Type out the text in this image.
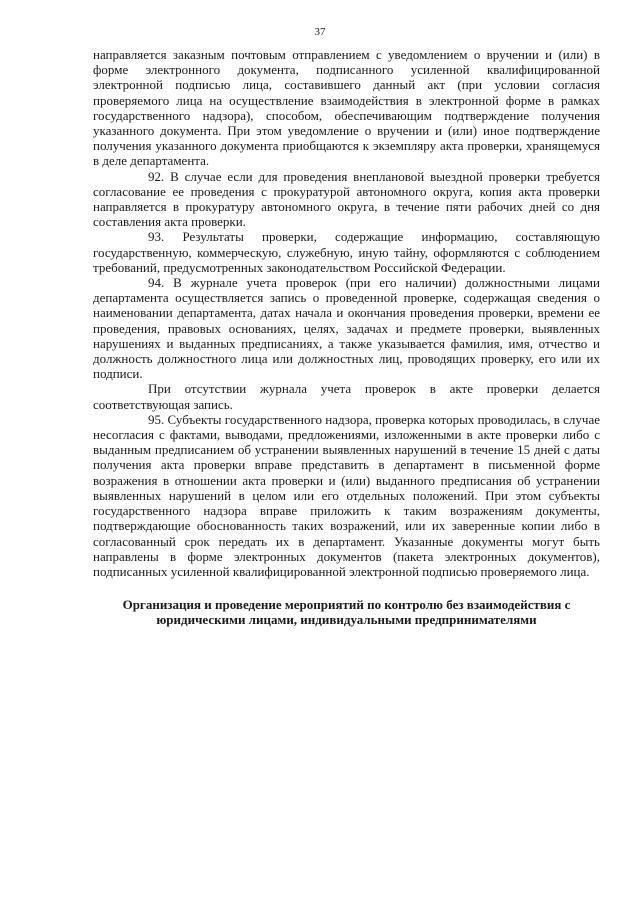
37

направляется заказным почтовым отправлением с уведомлением о вручении и (или) в форме электронного документа, подписанного усиленной квалифицированной электронной подписью лица, составившего данный акт (при условии согласия проверяемого лица на осуществление взаимодействия в электронной форме в рамках государственного надзора), способом, обеспечивающим подтверждение получения указанного документа. При этом уведомление о вручении и (или) иное подтверждение получения указанного документа приобщаются к экземпляру акта проверки, хранящемуся в деле департамента.

92. В случае если для проведения внеплановой выездной проверки требуется согласование ее проведения с прокуратурой автономного округа, копия акта проверки направляется в прокуратуру автономного округа, в течение пяти рабочих дней со дня составления акта проверки.

93. Результаты проверки, содержащие информацию, составляющую государственную, коммерческую, служебную, иную тайну, оформляются с соблюдением требований, предусмотренных законодательством Российской Федерации.

94. В журнале учета проверок (при его наличии) должностными лицами департамента осуществляется запись о проведенной проверке, содержащая сведения о наименовании департамента, датах начала и окончания проведения проверки, времени ее проведения, правовых основаниях, целях, задачах и предмете проверки, выявленных нарушениях и выданных предписаниях, а также указывается фамилия, имя, отчество и должность должностного лица или должностных лиц, проводящих проверку, его или их подписи.

При отсутствии журнала учета проверок в акте проверки делается соответствующая запись.

95. Субъекты государственного надзора, проверка которых проводилась, в случае несогласия с фактами, выводами, предложениями, изложенными в акте проверки либо с выданным предписанием об устранении выявленных нарушений в течение 15 дней с даты получения акта проверки вправе представить в департамент в письменной форме возражения в отношении акта проверки и (или) выданного предписания об устранении выявленных нарушений в целом или его отдельных положений. При этом субъекты государственного надзора вправе приложить к таким возражениям документы, подтверждающие обоснованность таких возражений, или их заверенные копии либо в согласованный срок передать их в департамент. Указанные документы могут быть направлены в форме электронных документов (пакета электронных документов), подписанных усиленной квалифицированной электронной подписью проверяемого лица.

Организация и проведение мероприятий по контролю без взаимодействия с юридическими лицами, индивидуальными предпринимателями
